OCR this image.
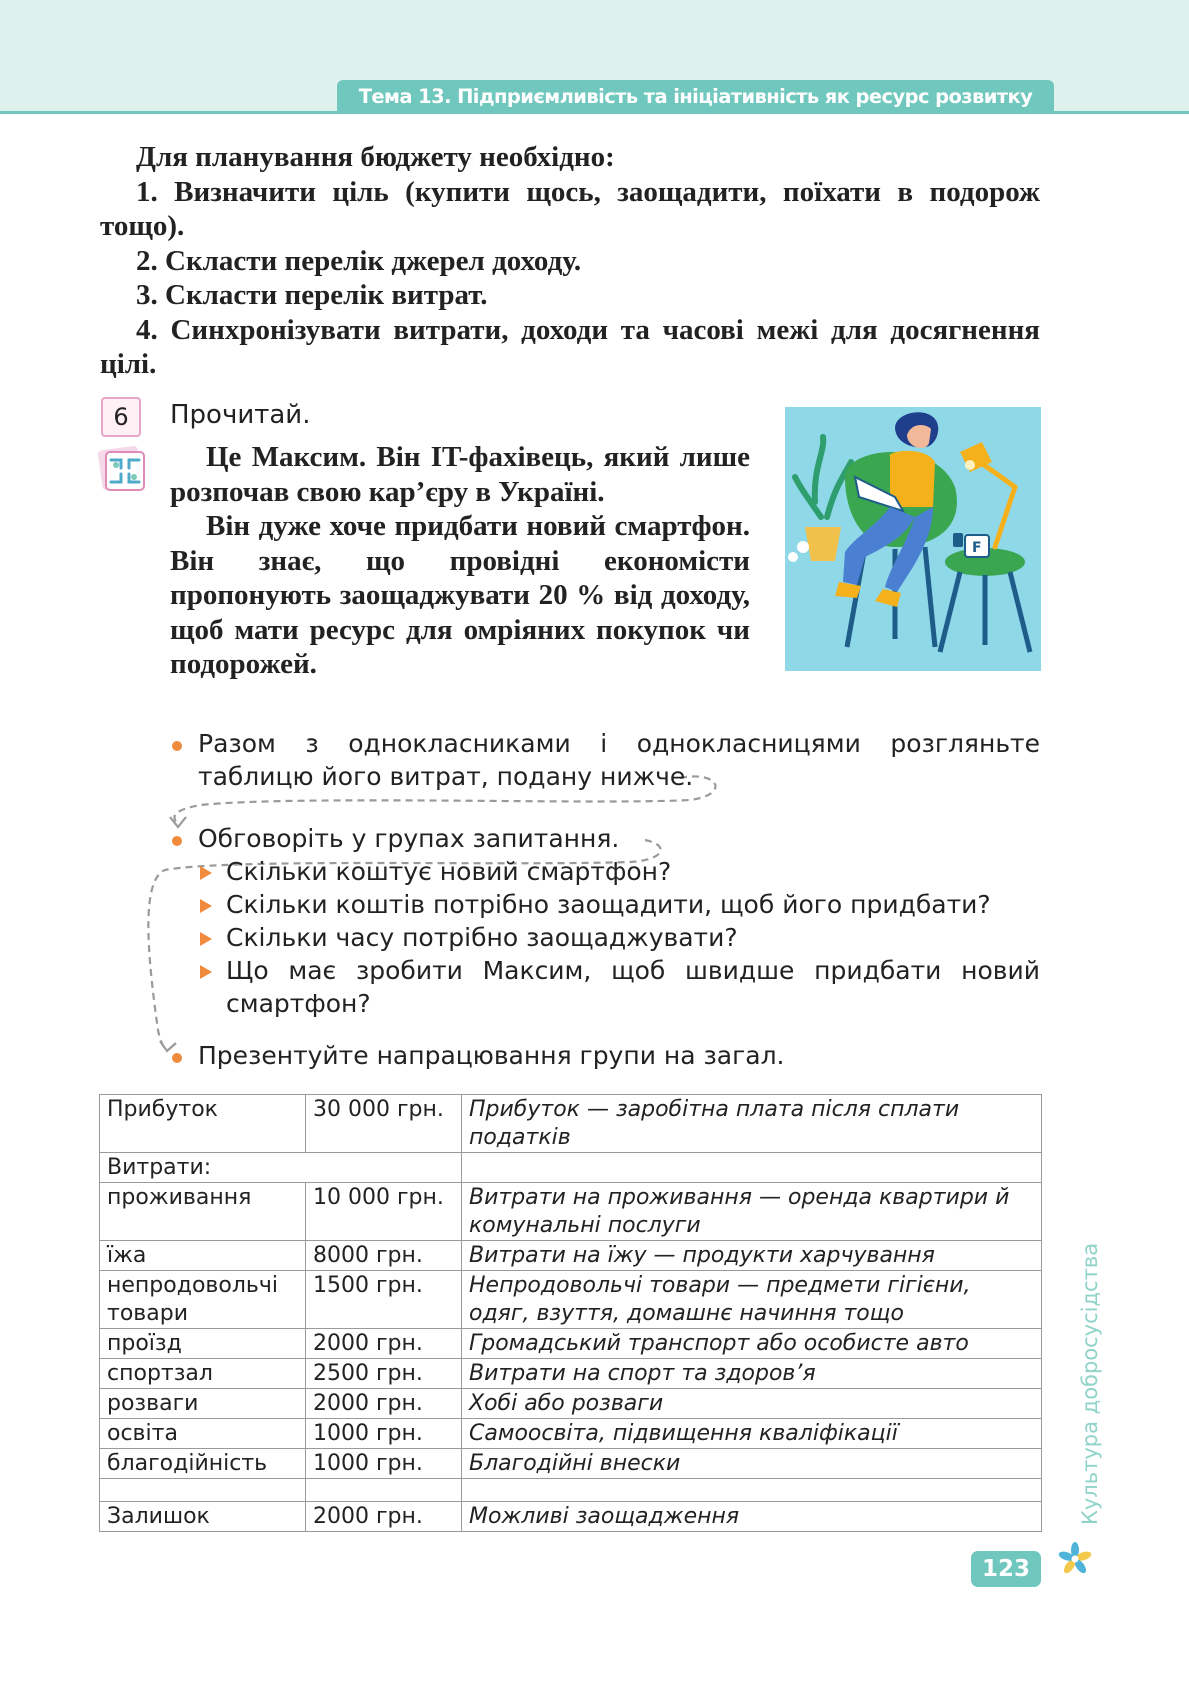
Тема 13. Підприємливість та ініціативність як ресурс розвитку

Для планування бюджету необхідно:

1. Визначити ціль (купити щось, заощадити, поїхати в подорож тощо).

2. Скласти перелік джерел доходу.

3. Скласти перелік витрат.

4. Синхронізувати витрати, доходи та часові межі для досягнення цілі.

6	Прочитай.

Це Максим. Він IT-фахівець, який лише розпочав свою кар’єру в Україні.

Він дуже хоче придбати новий смартфон. Він знає, що провідні економісти пропонують заощаджувати 20 % від доходу, щоб мати ресурс для омріяних покупок чи подорожей.

F
Разом з однокласниками і однокласницями розгляньте таблицю його витрат, подану нижче.
Обговоріть у групах запитання.
Скільки коштує новий смартфон?
Скільки коштів потрібно заощадити, щоб його придбати?
Скільки часу потрібно заощаджувати?
Що має зробити Максим, щоб швидше придбати новий смартфон?
Презентуйте напрацювання групи на загал.
Прибуток	30 000 грн.	Прибуток — заробітна плата після сплати податків
Витрати:		
проживання	10 000 грн.	Витрати на проживання — оренда квартири й комунальні послуги
їжа	8000 грн.	Витрати на їжу — продукти харчування
непродовольчі товари	1500 грн.	Непродовольчі товари — предмети гігієни, одяг, взуття, домашнє начиння тощо
проїзд	2000 грн.	Громадський транспорт або особисте авто
спортзал	2500 грн.	Витрати на спорт та здоров’я
розваги	2000 грн.	Хобі або розваги
освіта	1000 грн.	Самоосвіта, підвищення кваліфікації
благодійність	1000 грн.	Благодійні внески

Залишок	2000 грн.	Можливі заощадження	Культура добросусідства
123
